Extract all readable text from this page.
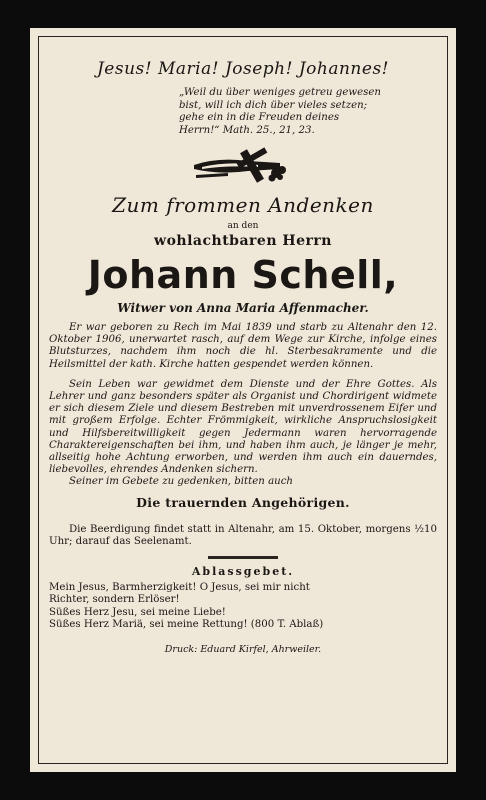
Jesus! Maria! Joseph! Johannes!
„Weil du über weniges getreu gewesen
bist, will ich dich über vieles setzen;
gehe ein in die Freuden deines
Herrn!“ Math. 25., 21, 23.
Zum frommen Andenken
an den
wohlachtbaren Herrn
Johann Schell,
Witwer von Anna Maria Affenmacher.

Er war geboren zu Rech im Mai 1839 und starb zu Altenahr den 12. Oktober 1906, unerwartet rasch, auf dem Wege zur Kirche, infolge eines Blutsturzes, nachdem ihm noch die hl. Sterbesakramente und die Heilsmittel der kath. Kirche hatten gespendet werden können.

Sein Leben war gewidmet dem Dienste und der Ehre Gottes. Als Lehrer und ganz besonders später als Organist und Chordirigent widmete er sich diesem Ziele und diesem Bestreben mit unverdrossenem Eifer und mit großem Erfolge. Echter Frömmigkeit, wirkliche Anspruchslosigkeit und Hilfsbereitwilligkeit gegen Jedermann waren hervorragende Charaktereigenschaften bei ihm, und haben ihm auch, je länger je mehr, allseitig hohe Achtung erworben, und werden ihm auch ein dauerndes, liebevolles, ehrendes Andenken sichern.

Seiner im Gebete zu gedenken, bitten auch

Die trauernden Angehörigen.
Die Beerdigung findet statt in Altenahr, am 15. Oktober, morgens ½10 Uhr; darauf das Seelenamt.
Ablassgebet.
Mein Jesus, Barmherzigkeit! O Jesus, sei mir nicht
Richter, sondern Erlöser!
Süßes Herz Jesu, sei meine Liebe!
Süßes Herz Mariä, sei meine Rettung! (800 T. Ablaß)
Druck: Eduard Kirfel, Ahrweiler.
